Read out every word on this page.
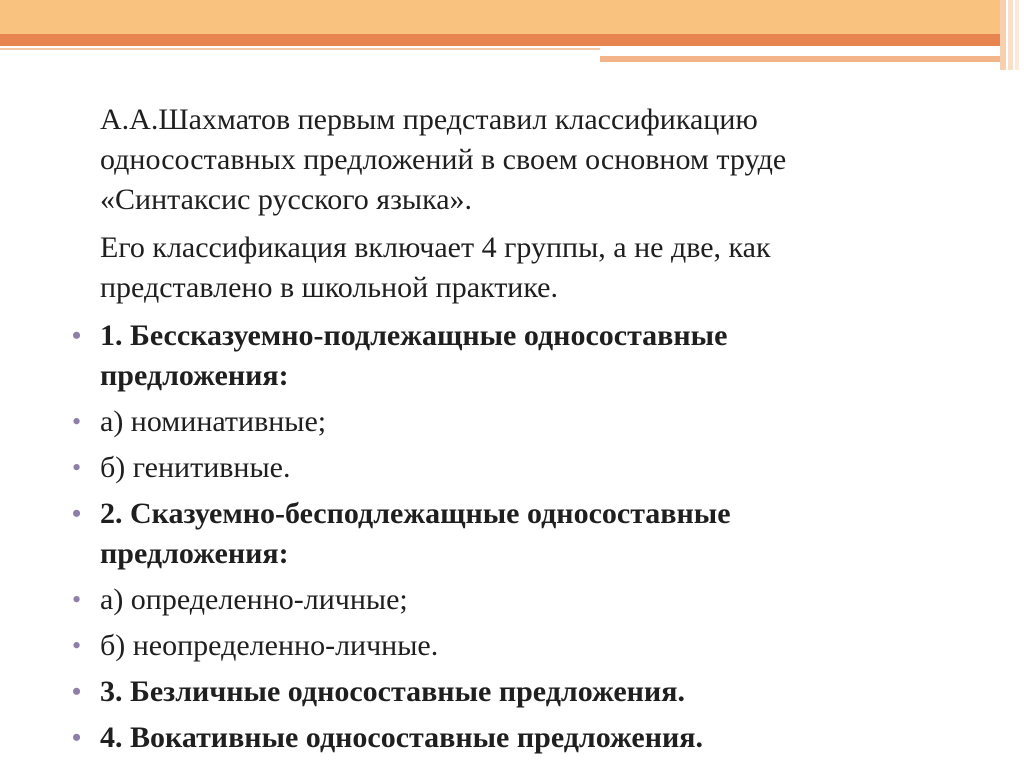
А.А.Шахматов первым представил классификацию
односоставных предложений в своем основном труде
«Синтаксис русского языка».

Его классификация включает 4 группы, а не две, как
представлено в школьной практике.

• 1. Бессказуемно-подлежащные односоставные
предложения:
• а) номинативные;
• б) генитивные.
• 2. Сказуемно-бесподлежащные односоставные
предложения:
• а) определенно-личные;
• б) неопределенно-личные.
• 3. Безличные односоставные предложения.
• 4. Вокативные односоставные предложения.
